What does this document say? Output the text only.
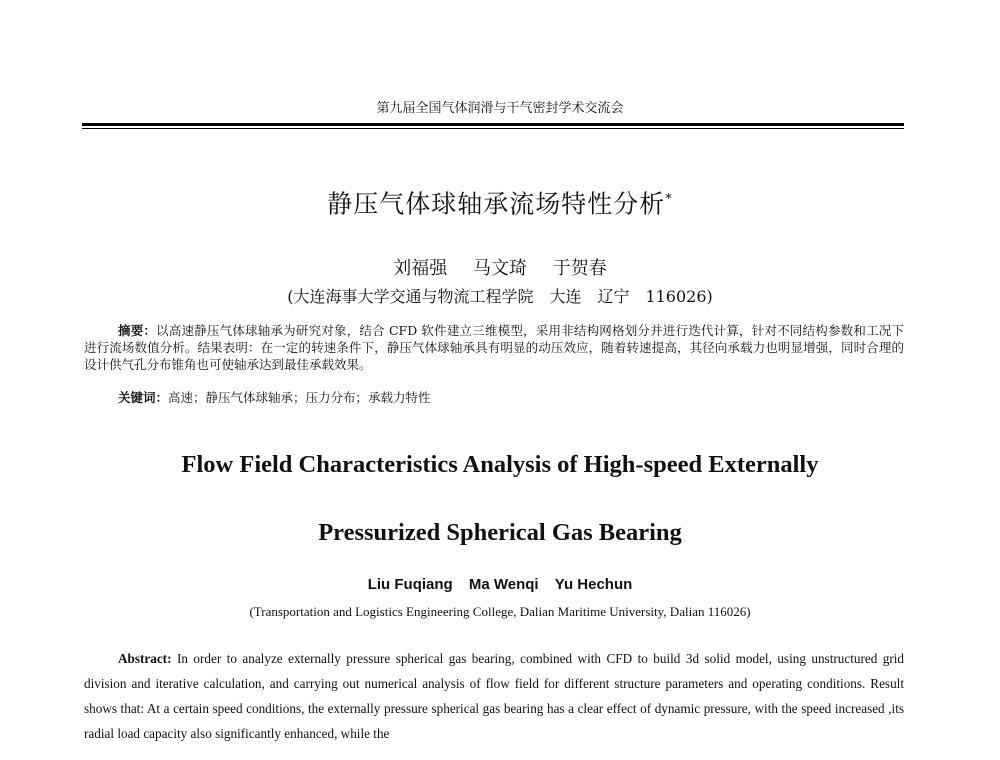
第九届全国气体润滑与干气密封学术交流会
静压气体球轴承流场特性分析*
刘福强 马文琦 于贺春
(大连海事大学交通与物流工程学院　大连　辽宁　116026)
摘要：以高速静压气体球轴承为研究对象，结合 CFD 软件建立三维模型，采用非结构网格划分并进行迭代计算，针对不同结构参数和工况下进行流场数值分析。结果表明：在一定的转速条件下，静压气体球轴承具有明显的动压效应，随着转速提高，其径向承载力也明显增强，同时合理的设计供气孔分布锥角也可使轴承达到最佳承载效果。
关键词：高速；静压气体球轴承；压力分布；承载力特性
Flow Field Characteristics Analysis of High-speed Externally
Pressurized Spherical Gas Bearing
Liu Fuqiang Ma Wenqi Yu Hechun
(Transportation and Logistics Engineering College, Dalian Maritime University, Dalian 116026)
Abstract: In order to analyze externally pressure spherical gas bearing, combined with CFD to build 3d solid model, using unstructured grid division and iterative calculation, and carrying out numerical analysis of flow field for different structure parameters and operating conditions. Result shows that: At a certain speed conditions, the externally pressure spherical gas bearing has a clear effect of dynamic pressure, with the speed increased ,its radial load capacity also significantly enhanced, while the
